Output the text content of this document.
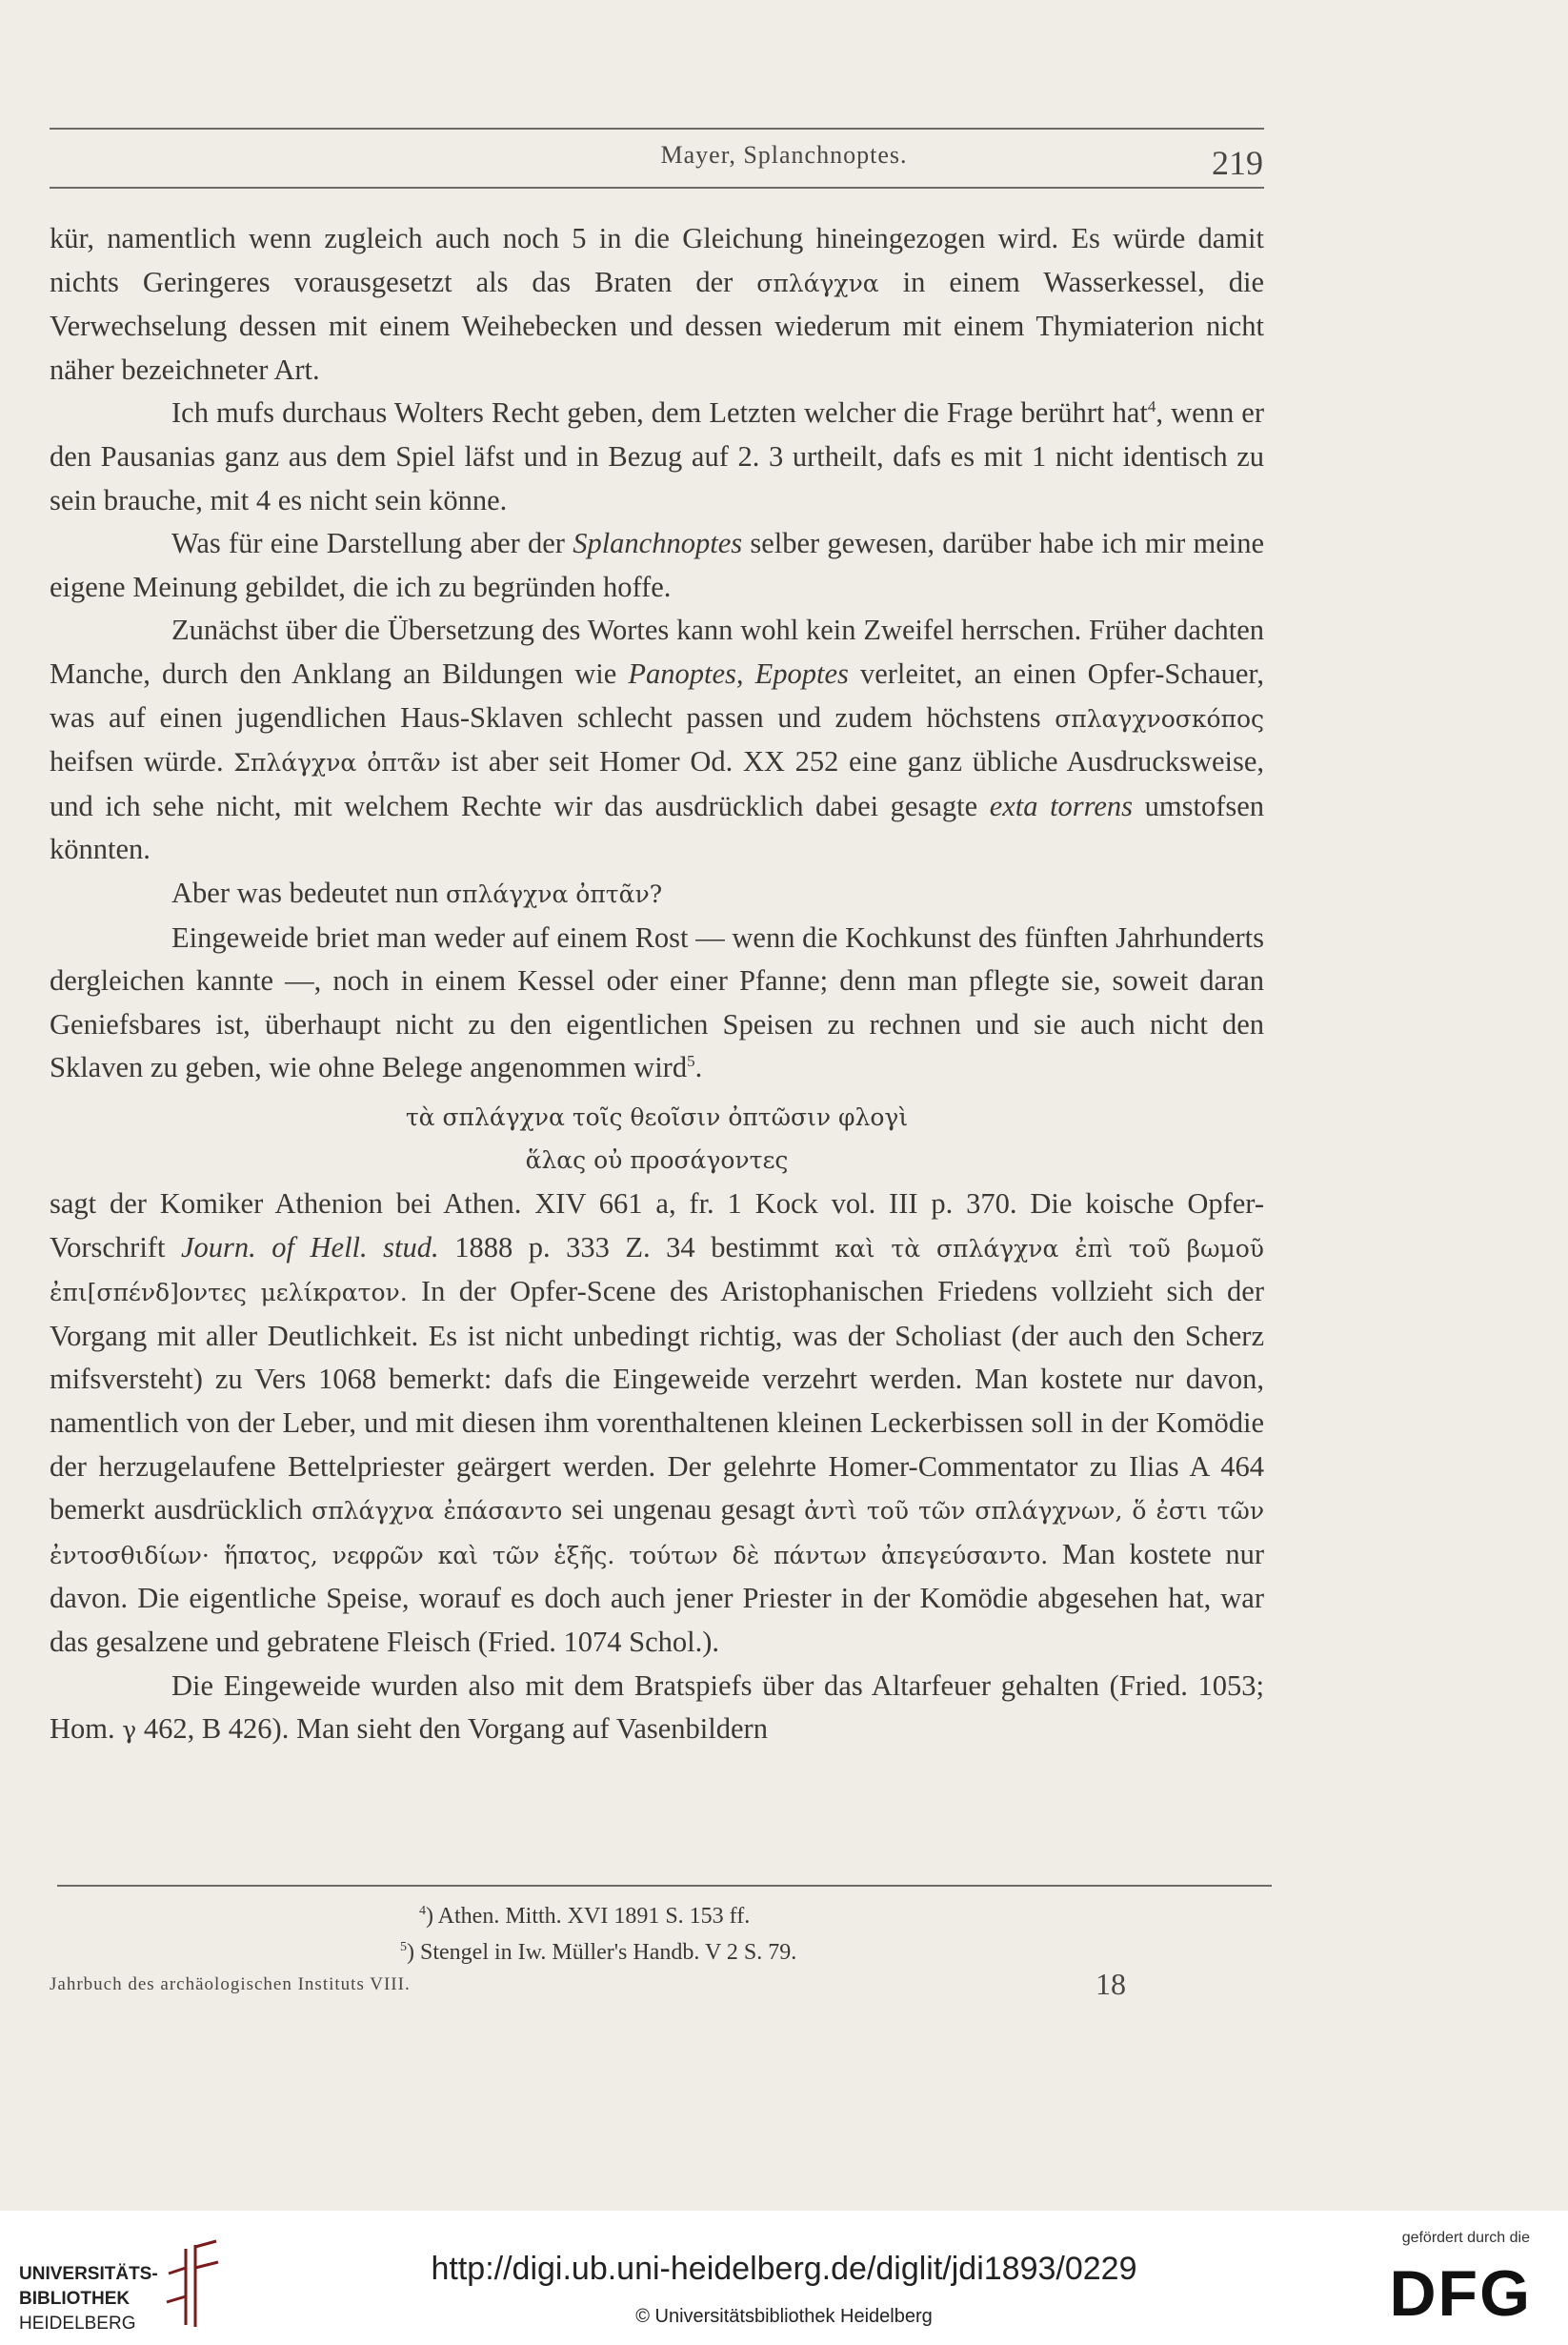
Mayer, Splanchnoptes.	219

kür, namentlich wenn zugleich auch noch 5 in die Gleichung hineingezogen wird. Es würde damit nichts Geringeres vorausgesetzt als das Braten der σπλάγχνα in einem Wasserkessel, die Verwechselung dessen mit einem Weihebecken und dessen wiederum mit einem Thymiaterion nicht näher bezeichneter Art.

Ich mufs durchaus Wolters Recht geben, dem Letzten welcher die Frage berührt hat$^4$, wenn er den Pausanias ganz aus dem Spiel läfst und in Bezug auf 2. 3 urtheilt, dafs es mit 1 nicht identisch zu sein brauche, mit 4 es nicht sein könne.

Was für eine Darstellung aber der Splanchnoptes selber gewesen, darüber habe ich mir meine eigene Meinung gebildet, die ich zu begründen hoffe.

Zunächst über die Übersetzung des Wortes kann wohl kein Zweifel herrschen. Früher dachten Manche, durch den Anklang an Bildungen wie Panoptes, Epoptes verleitet, an einen Opfer-Schauer, was auf einen jugendlichen Haus-Sklaven schlecht passen und zudem höchstens σπλαγχνοσκόπος heifsen würde. Σπλάγχνα ὀπτᾶν ist aber seit Homer Od. XX 252 eine ganz übliche Ausdrucksweise, und ich sehe nicht, mit welchem Rechte wir das ausdrücklich dabei gesagte exta torrens umstofsen könnten.

Aber was bedeutet nun σπλάγχνα ὀπτᾶν?

Eingeweide briet man weder auf einem Rost — wenn die Kochkunst des fünften Jahrhunderts dergleichen kannte —, noch in einem Kessel oder einer Pfanne; denn man pflegte sie, soweit daran Geniefsbares ist, überhaupt nicht zu den eigentlichen Speisen zu rechnen und sie auch nicht den Sklaven zu geben, wie ohne Belege angenommen wird$^5$.

τὰ σπλάγχνα τοῖς θεοῖσιν ὀπτῶσιν φλογὶ

ἅλας οὐ προσάγοντες

sagt der Komiker Athenion bei Athen. XIV 661 a, fr. 1 Kock vol. III p. 370. Die koische Opfer-Vorschrift Journ. of Hell. stud. 1888 p. 333 Z. 34 bestimmt καὶ τὰ σπλάγχνα ἐπὶ τοῦ βωμοῦ ἐπι[σπένδ]οντες μελίκρατον. In der Opfer-Scene des Aristophanischen Friedens vollzieht sich der Vorgang mit aller Deutlichkeit. Es ist nicht unbedingt richtig, was der Scholiast (der auch den Scherz mifsversteht) zu Vers 1068 bemerkt: dafs die Eingeweide verzehrt werden. Man kostete nur davon, namentlich von der Leber, und mit diesen ihm vorenthaltenen kleinen Leckerbissen soll in der Komödie der herzugelaufene Bettelpriester geärgert werden. Der gelehrte Homer-Commentator zu Ilias A 464 bemerkt ausdrücklich σπλάγχνα ἐπάσαντο sei ungenau gesagt ἀντὶ τοῦ τῶν σπλάγχνων, ὅ ἐστι τῶν ἐντοσθιδίων· ἥπατος, νεφρῶν καὶ τῶν ἑξῆς. τούτων δὲ πάντων ἀπεγεύσαντο. Man kostete nur davon. Die eigentliche Speise, worauf es doch auch jener Priester in der Komödie abgesehen hat, war das gesalzene und gebratene Fleisch (Fried. 1074 Schol.).

Die Eingeweide wurden also mit dem Bratspiefs über das Altarfeuer gehalten (Fried. 1053; Hom. γ 462, B 426). Man sieht den Vorgang auf Vasenbildern

$^4$) Athen. Mitth. XVI 1891 S. 153 ff.
$^5$) Stengel in Iw. Müller's Handb. V 2 S. 79.
Jahrbuch des archäologischen Instituts VIII.	18
UNIVERSITÄTS-
BIBLIOTHEK
HEIDELBERG
http://digi.ub.uni-heidelberg.de/diglit/jdi1893/0229
© Universitätsbibliothek Heidelberg
gefördert durch die
DFG
